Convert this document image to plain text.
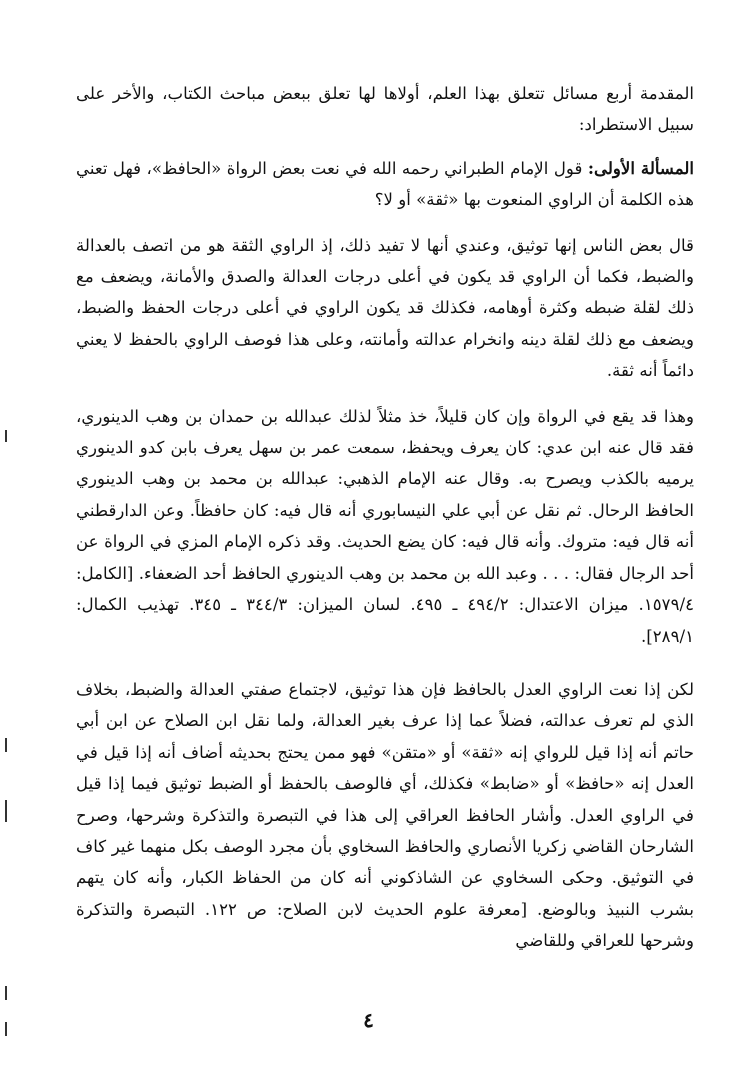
المقدمة أربع مسائل تتعلق بهذا العلم، أولاها لها تعلق ببعض مباحث الكتاب، والأخر على سبيل الاستطراد:

المسألة الأولى: قول الإمام الطبراني رحمه الله في نعت بعض الرواة «الحافظ»، فهل تعني هذه الكلمة أن الراوي المنعوت بها «ثقة» أو لا؟

قال بعض الناس إنها توثيق، وعندي أنها لا تفيد ذلك، إذ الراوي الثقة هو من اتصف بالعدالة والضبط، فكما أن الراوي قد يكون في أعلى درجات العدالة والصدق والأمانة، ويضعف مع ذلك لقلة ضبطه وكثرة أوهامه، فكذلك قد يكون الراوي في أعلى درجات الحفظ والضبط، ويضعف مع ذلك لقلة دينه وانخرام عدالته وأمانته، وعلى هذا فوصف الراوي بالحفظ لا يعني دائماً أنه ثقة.

وهذا قد يقع في الرواة وإن كان قليلاً، خذ مثلاً لذلك عبدالله بن حمدان بن وهب الدينوري، فقد قال عنه ابن عدي: كان يعرف ويحفظ، سمعت عمر بن سهل يعرف بابن كدو الدينوري يرميه بالكذب ويصرح به. وقال عنه الإمام الذهبي: عبدالله بن محمد بن وهب الدينوري الحافظ الرحال. ثم نقل عن أبي علي النيسابوري أنه قال فيه: كان حافظاً. وعن الدارقطني أنه قال فيه: متروك. وأنه قال فيه: كان يضع الحديث. وقد ذكره الإمام المزي في الرواة عن أحد الرجال فقال: . . . وعبد الله بن محمد بن وهب الدينوري الحافظ أحد الضعفاء. [الكامل: ١٥٧٩/٤. ميزان الاعتدال: ٤٩٤/٢ ـ ٤٩٥. لسان الميزان: ٣٤٤/٣ ـ ٣٤٥. تهذيب الكمال: ٢٨٩/١].

لكن إذا نعت الراوي العدل بالحافظ فإن هذا توثيق، لاجتماع صفتي العدالة والضبط، بخلاف الذي لم تعرف عدالته، فضلاً عما إذا عرف بغير العدالة، ولما نقل ابن الصلاح عن ابن أبي حاتم أنه إذا قيل للرواي إنه «ثقة» أو «متقن» فهو ممن يحتج بحديثه أضاف أنه إذا قيل في العدل إنه «حافظ» أو «ضابط» فكذلك، أي فالوصف بالحفظ أو الضبط توثيق فيما إذا قيل في الراوي العدل. وأشار الحافظ العراقي إلى هذا في التبصرة والتذكرة وشرحها، وصرح الشارحان القاضي زكريا الأنصاري والحافظ السخاوي بأن مجرد الوصف بكل منهما غير كاف في التوثيق. وحكى السخاوي عن الشاذكوني أنه كان من الحفاظ الكبار، وأنه كان يتهم بشرب النبيذ وبالوضع. [معرفة علوم الحديث لابن الصلاح: ص ١٢٢. التبصرة والتذكرة وشرحها للعراقي وللقاضي

٤
